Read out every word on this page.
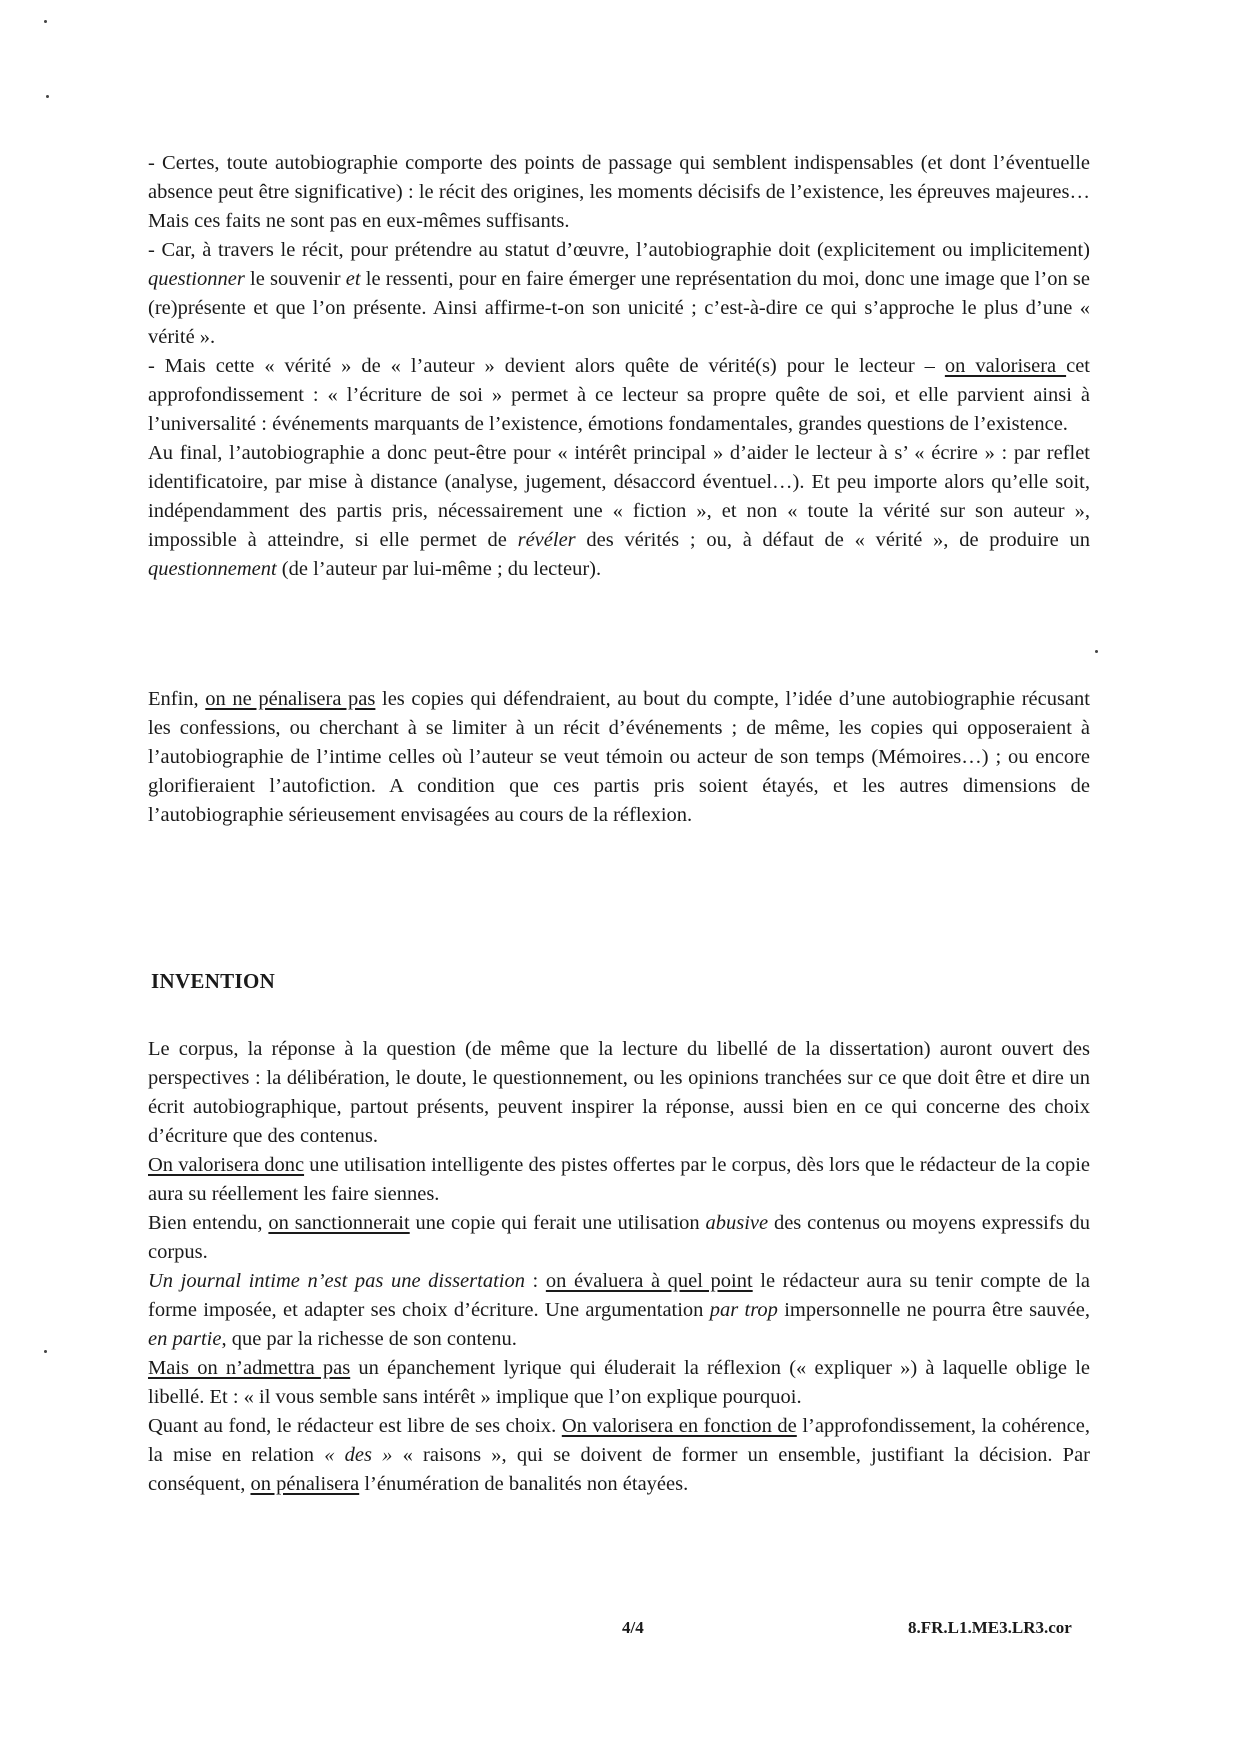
- Certes, toute autobiographie comporte des points de passage qui semblent indispensables (et dont l’éventuelle absence peut être significative) : le récit des origines, les moments décisifs de l’existence, les épreuves majeures… Mais ces faits ne sont pas en eux-mêmes suffisants.

- Car, à travers le récit, pour prétendre au statut d’œuvre, l’autobiographie doit (explicitement ou implicitement) questionner le souvenir et le ressenti, pour en faire émerger une représentation du moi, donc une image que l’on se (re)présente et que l’on présente. Ainsi affirme-t-on son unicité ; c’est-à-dire ce qui s’approche le plus d’une « vérité ».

- Mais cette « vérité » de « l’auteur » devient alors quête de vérité(s) pour le lecteur – on valorisera cet approfondissement : « l’écriture de soi » permet à ce lecteur sa propre quête de soi, et elle parvient ainsi à l’universalité : événements marquants de l’existence, émotions fondamentales, grandes questions de l’existence.

Au final, l’autobiographie a donc peut-être pour « intérêt principal » d’aider le lecteur à s’ « écrire » : par reflet identificatoire, par mise à distance (analyse, jugement, désaccord éventuel…). Et peu importe alors qu’elle soit, indépendamment des partis pris, nécessairement une « fiction », et non « toute la vérité sur son auteur », impossible à atteindre, si elle permet de révéler des vérités ; ou, à défaut de « vérité », de produire un questionnement (de l’auteur par lui-même ; du lecteur).

Enfin, on ne pénalisera pas les copies qui défendraient, au bout du compte, l’idée d’une autobiographie récusant les confessions, ou cherchant à se limiter à un récit d’événements ; de même, les copies qui opposeraient à l’autobiographie de l’intime celles où l’auteur se veut témoin ou acteur de son temps (Mémoires…) ; ou encore glorifieraient l’autofiction. A condition que ces partis pris soient étayés, et les autres dimensions de l’autobiographie sérieusement envisagées au cours de la réflexion.

INVENTION

Le corpus, la réponse à la question (de même que la lecture du libellé de la dissertation) auront ouvert des perspectives : la délibération, le doute, le questionnement, ou les opinions tranchées sur ce que doit être et dire un écrit autobiographique, partout présents, peuvent inspirer la réponse, aussi bien en ce qui concerne des choix d’écriture que des contenus.

On valorisera donc une utilisation intelligente des pistes offertes par le corpus, dès lors que le rédacteur de la copie aura su réellement les faire siennes.

Bien entendu, on sanctionnerait une copie qui ferait une utilisation abusive des contenus ou moyens expressifs du corpus.

Un journal intime n’est pas une dissertation : on évaluera à quel point le rédacteur aura su tenir compte de la forme imposée, et adapter ses choix d’écriture. Une argumentation par trop impersonnelle ne pourra être sauvée, en partie, que par la richesse de son contenu.

Mais on n’admettra pas un épanchement lyrique qui éluderait la réflexion (« expliquer ») à laquelle oblige le libellé. Et : « il vous semble sans intérêt » implique que l’on explique pourquoi.

Quant au fond, le rédacteur est libre de ses choix. On valorisera en fonction de l’approfondissement, la cohérence, la mise en relation « des » « raisons », qui se doivent de former un ensemble, justifiant la décision. Par conséquent, on pénalisera l’énumération de banalités non étayées.

4/4	8.FR.L1.ME3.LR3.cor
